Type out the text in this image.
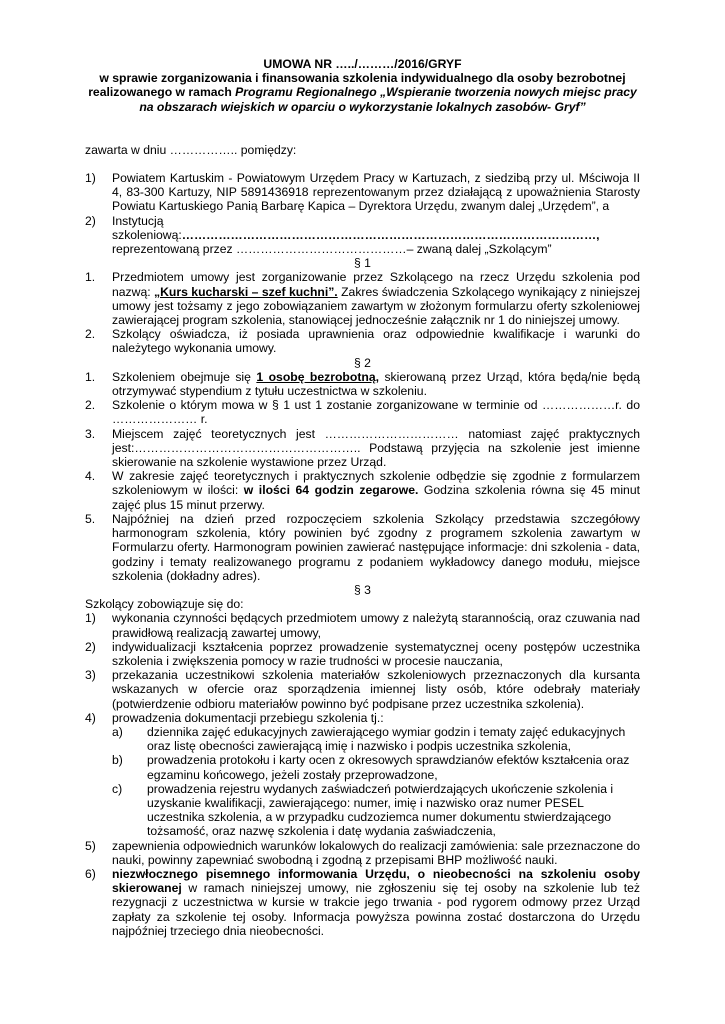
UMOWA NR …../………/2016/GRYF
w sprawie zorganizowania i finansowania szkolenia indywidualnego dla osoby bezrobotnej
realizowanego w ramach Programu Regionalnego „Wspieranie tworzenia nowych miejsc pracy
na obszarach wiejskich w oparciu o wykorzystanie lokalnych zasobów- Gryf”
zawarta w dniu …………….. pomiędzy:
1)	Powiatem Kartuskim - Powiatowym Urzędem Pracy w Kartuzach, z siedzibą przy ul. Mściwoja II 4, 83-300 Kartuzy, NIP 5891436918 reprezentowanym przez działającą z upoważnienia Starosty Powiatu Kartuskiego Panią Barbarę Kapica – Dyrektora Urzędu, zwanym dalej „Urzędem”, a
2)	Instytucją szkoleniową:…………………………………………………………………………………………,
reprezentowaną przez ……………………………………– zwaną dalej „Szkolącym”
§ 1
1.	Przedmiotem umowy jest zorganizowanie przez Szkolącego na rzecz Urzędu szkolenia pod nazwą: „Kurs kucharski – szef kuchni”. Zakres świadczenia Szkolącego wynikający z niniejszej umowy jest tożsamy z jego zobowiązaniem zawartym w złożonym formularzu oferty szkoleniowej zawierającej program szkolenia, stanowiącej jednocześnie załącznik nr 1 do niniejszej umowy.
2.	Szkolący oświadcza, iż posiada uprawnienia oraz odpowiednie kwalifikacje i warunki do należytego wykonania umowy.
§ 2
1.	Szkoleniem obejmuje się 1 osobę bezrobotną, skierowaną przez Urząd, która będą/nie będą otrzymywać stypendium z tytułu uczestnictwa w szkoleniu.
2.	Szkolenie o którym mowa w § 1 ust 1 zostanie zorganizowane w terminie od ………………r. do ………………… r.
3.	Miejscem zajęć teoretycznych jest …………………………… natomiast zajęć praktycznych jest:……………………………………………….. Podstawą przyjęcia na szkolenie jest imienne skierowanie na szkolenie wystawione przez Urząd.
4.	W zakresie zajęć teoretycznych i praktycznych szkolenie odbędzie się zgodnie z formularzem szkoleniowym w ilości: w ilości 64 godzin zegarowe. Godzina szkolenia równa się 45 minut zajęć plus 15 minut przerwy.
5.	Najpóźniej na dzień przed rozpoczęciem szkolenia Szkolący przedstawia szczegółowy harmonogram szkolenia, który powinien być zgodny z programem szkolenia zawartym w Formularzu oferty. Harmonogram powinien zawierać następujące informacje: dni szkolenia - data, godziny i tematy realizowanego programu z podaniem wykładowcy danego modułu, miejsce szkolenia (dokładny adres).
§ 3
Szkolący zobowiązuje się do:
1)	wykonania czynności będących przedmiotem umowy z należytą starannością, oraz czuwania nad prawidłową realizacją zawartej umowy,
2)	indywidualizacji kształcenia poprzez prowadzenie systematycznej oceny postępów uczestnika szkolenia i zwiększenia pomocy w razie trudności w procesie nauczania,
3)	przekazania uczestnikowi szkolenia materiałów szkoleniowych przeznaczonych dla kursanta wskazanych w ofercie oraz sporządzenia imiennej listy osób, które odebrały materiały (potwierdzenie odbioru materiałów powinno być podpisane przez uczestnika szkolenia).
4)	prowadzenia dokumentacji przebiegu szkolenia tj.:
a)	dziennika zajęć edukacyjnych zawierającego wymiar godzin i tematy zajęć edukacyjnych oraz listę obecności zawierającą imię i nazwisko i podpis uczestnika szkolenia,
b)	prowadzenia protokołu i karty ocen z okresowych sprawdzianów efektów kształcenia oraz egzaminu końcowego, jeżeli zostały przeprowadzone,
c)	prowadzenia rejestru wydanych zaświadczeń potwierdzających ukończenie szkolenia i uzyskanie kwalifikacji, zawierającego: numer, imię i nazwisko oraz numer PESEL uczestnika szkolenia, a w przypadku cudzoziemca numer dokumentu stwierdzającego tożsamość, oraz nazwę szkolenia i datę wydania zaświadczenia,
5)	zapewnienia odpowiednich warunków lokalowych do realizacji zamówienia: sale przeznaczone do nauki, powinny zapewniać swobodną i zgodną z przepisami BHP możliwość nauki.
6)	niezwłocznego pisemnego informowania Urzędu, o nieobecności na szkoleniu osoby skierowanej w ramach niniejszej umowy, nie zgłoszeniu się tej osoby na szkolenie lub też rezygnacji z uczestnictwa w kursie w trakcie jego trwania - pod rygorem odmowy przez Urząd zapłaty za szkolenie tej osoby. Informacja powyższa powinna zostać dostarczona do Urzędu najpóźniej trzeciego dnia nieobecności.
